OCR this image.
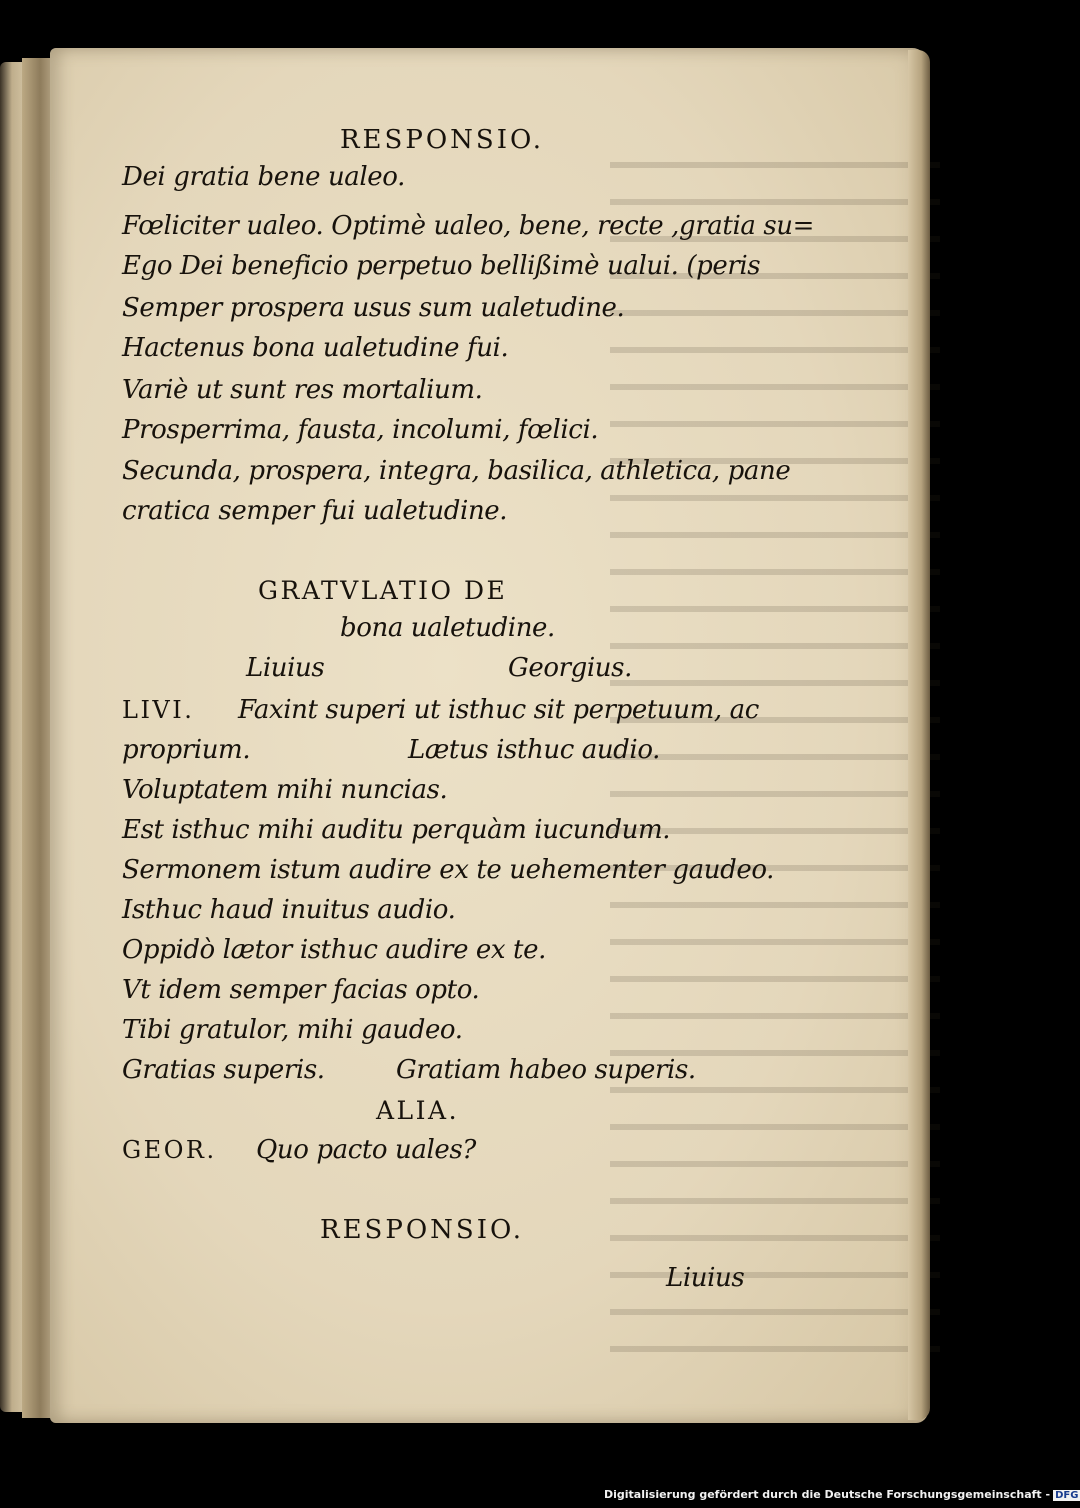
RESPONSIO.
Dei gratia bene ualeo.
Fœliciter ualeo. Optimè ualeo, bene, recte ,gratia su=
Ego Dei beneficio perpetuo bellißimè ualui. (peris
Semper prospera usus sum ualetudine.
Hactenus bona ualetudine fui.
Variè ut sunt res mortalium.
Prosperrima, fausta, incolumi, fœlici.
Secunda, prospera, integra, basilica, athletica, pane
cratica semper fui ualetudine.
GRATVLATIO DE
bona ualetudine.
Liuius	Georgius.
LIVI. Faxint superi ut isthuc sit perpetuum, ac
proprium.	Lætus isthuc audio.
Voluptatem mihi nuncias.
Est isthuc mihi auditu perquàm iucundum.
Sermonem istum audire ex te uehementer gaudeo.
Isthuc haud inuitus audio.
Oppidò lætor isthuc audire ex te.
Vt idem semper facias opto.
Tibi gratulor, mihi gaudeo.
Gratias superis.	Gratiam habeo superis.
ALIA.
GEOR. Quo pacto uales?
RESPONSIO.
Liuius
Digitalisierung gefördert durch die Deutsche Forschungsgemeinschaft - DFG
